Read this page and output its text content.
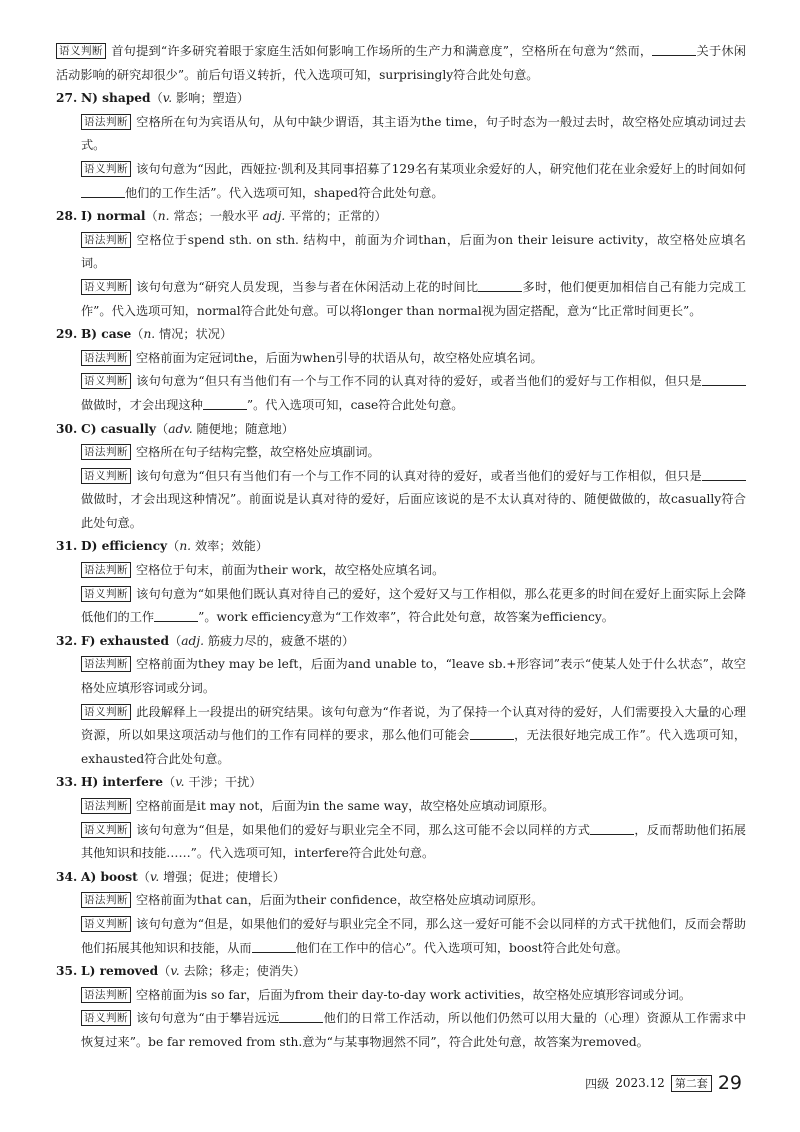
语义判断 首句提到“许多研究着眼于家庭生活如何影响工作场所的生产力和满意度”，空格所在句意为“然而，	关于休闲活动影响的研究却很少”。前后句语义转折，代入选项可知，surprisingly符合此处句意。

27. N) shaped（v. 影响；塑造）

语法判断 空格所在句为宾语从句，从句中缺少谓语，其主语为the time，句子时态为一般过去时，故空格处应填动词过去式。

语义判断 该句句意为“因此，西娅拉·凯利及其同事招募了129名有某项业余爱好的人，研究他们花在业余爱好上的时间如何他们的工作生活”。代入选项可知，shaped符合此处句意。

28. I) normal（n. 常态；一般水平 adj. 平常的；正常的）

语法判断 空格位于spend sth. on sth. 结构中，前面为介词than，后面为on their leisure activity，故空格处应填名词。

语义判断 该句句意为“研究人员发现，当参与者在休闲活动上花的时间比	多时，他们便更加相信自己有能力完成工作”。代入选项可知，normal符合此处句意。可以将longer than normal视为固定搭配，意为“比正常时间更长”。

29. B) case（n. 情况；状况）

语法判断 空格前面为定冠词the，后面为when引导的状语从句，故空格处应填名词。

语义判断 该句句意为“但只有当他们有一个与工作不同的认真对待的爱好，或者当他们的爱好与工作相似，但只是做做时，才会出现这种	”。代入选项可知，case符合此处句意。

30. C) casually（adv. 随便地；随意地）

语法判断 空格所在句子结构完整，故空格处应填副词。

语义判断 该句句意为“但只有当他们有一个与工作不同的认真对待的爱好，或者当他们的爱好与工作相似，但只是做做时，才会出现这种情况”。前面说是认真对待的爱好，后面应该说的是不太认真对待的、随便做做的，故casually符合此处句意。

31. D) efficiency（n. 效率；效能）

语法判断 空格位于句末，前面为their work，故空格处应填名词。

语义判断 该句句意为“如果他们既认真对待自己的爱好，这个爱好又与工作相似，那么花更多的时间在爱好上面实际上会降低他们的工作	”。work efficiency意为“工作效率”，符合此处句意，故答案为efficiency。

32. F) exhausted（adj. 筋疲力尽的，疲惫不堪的）

语法判断 空格前面为they may be left，后面为and unable to，“leave sb.+形容词”表示“使某人处于什么状态”，故空格处应填形容词或分词。

语义判断 此段解释上一段提出的研究结果。该句句意为“作者说，为了保持一个认真对待的爱好，人们需要投入大量的心理资源，所以如果这项活动与他们的工作有同样的要求，那么他们可能会	，无法很好地完成工作”。代入选项可知，exhausted符合此处句意。

33. H) interfere（v. 干涉；干扰）

语法判断 空格前面是it may not，后面为in the same way，故空格处应填动词原形。

语义判断 该句句意为“但是，如果他们的爱好与职业完全不同，那么这可能不会以同样的方式	，反而帮助他们拓展其他知识和技能……”。代入选项可知，interfere符合此处句意。

34. A) boost（v. 增强；促进；使增长）

语法判断 空格前面为that can，后面为their confidence，故空格处应填动词原形。

语义判断 该句句意为“但是，如果他们的爱好与职业完全不同，那么这一爱好可能不会以同样的方式干扰他们，反而会帮助他们拓展其他知识和技能，从而	他们在工作中的信心”。代入选项可知，boost符合此处句意。

35. L) removed（v. 去除；移走；使消失）

语法判断 空格前面为is so far，后面为from their day-to-day work activities，故空格处应填形容词或分词。

语义判断 该句句意为“由于攀岩远远	他们的日常工作活动，所以他们仍然可以用大量的（心理）资源从工作需求中恢复过来”。be far removed from sth.意为“与某事物迥然不同”，符合此处句意，故答案为removed。

四级 2023.12 第二套 29
